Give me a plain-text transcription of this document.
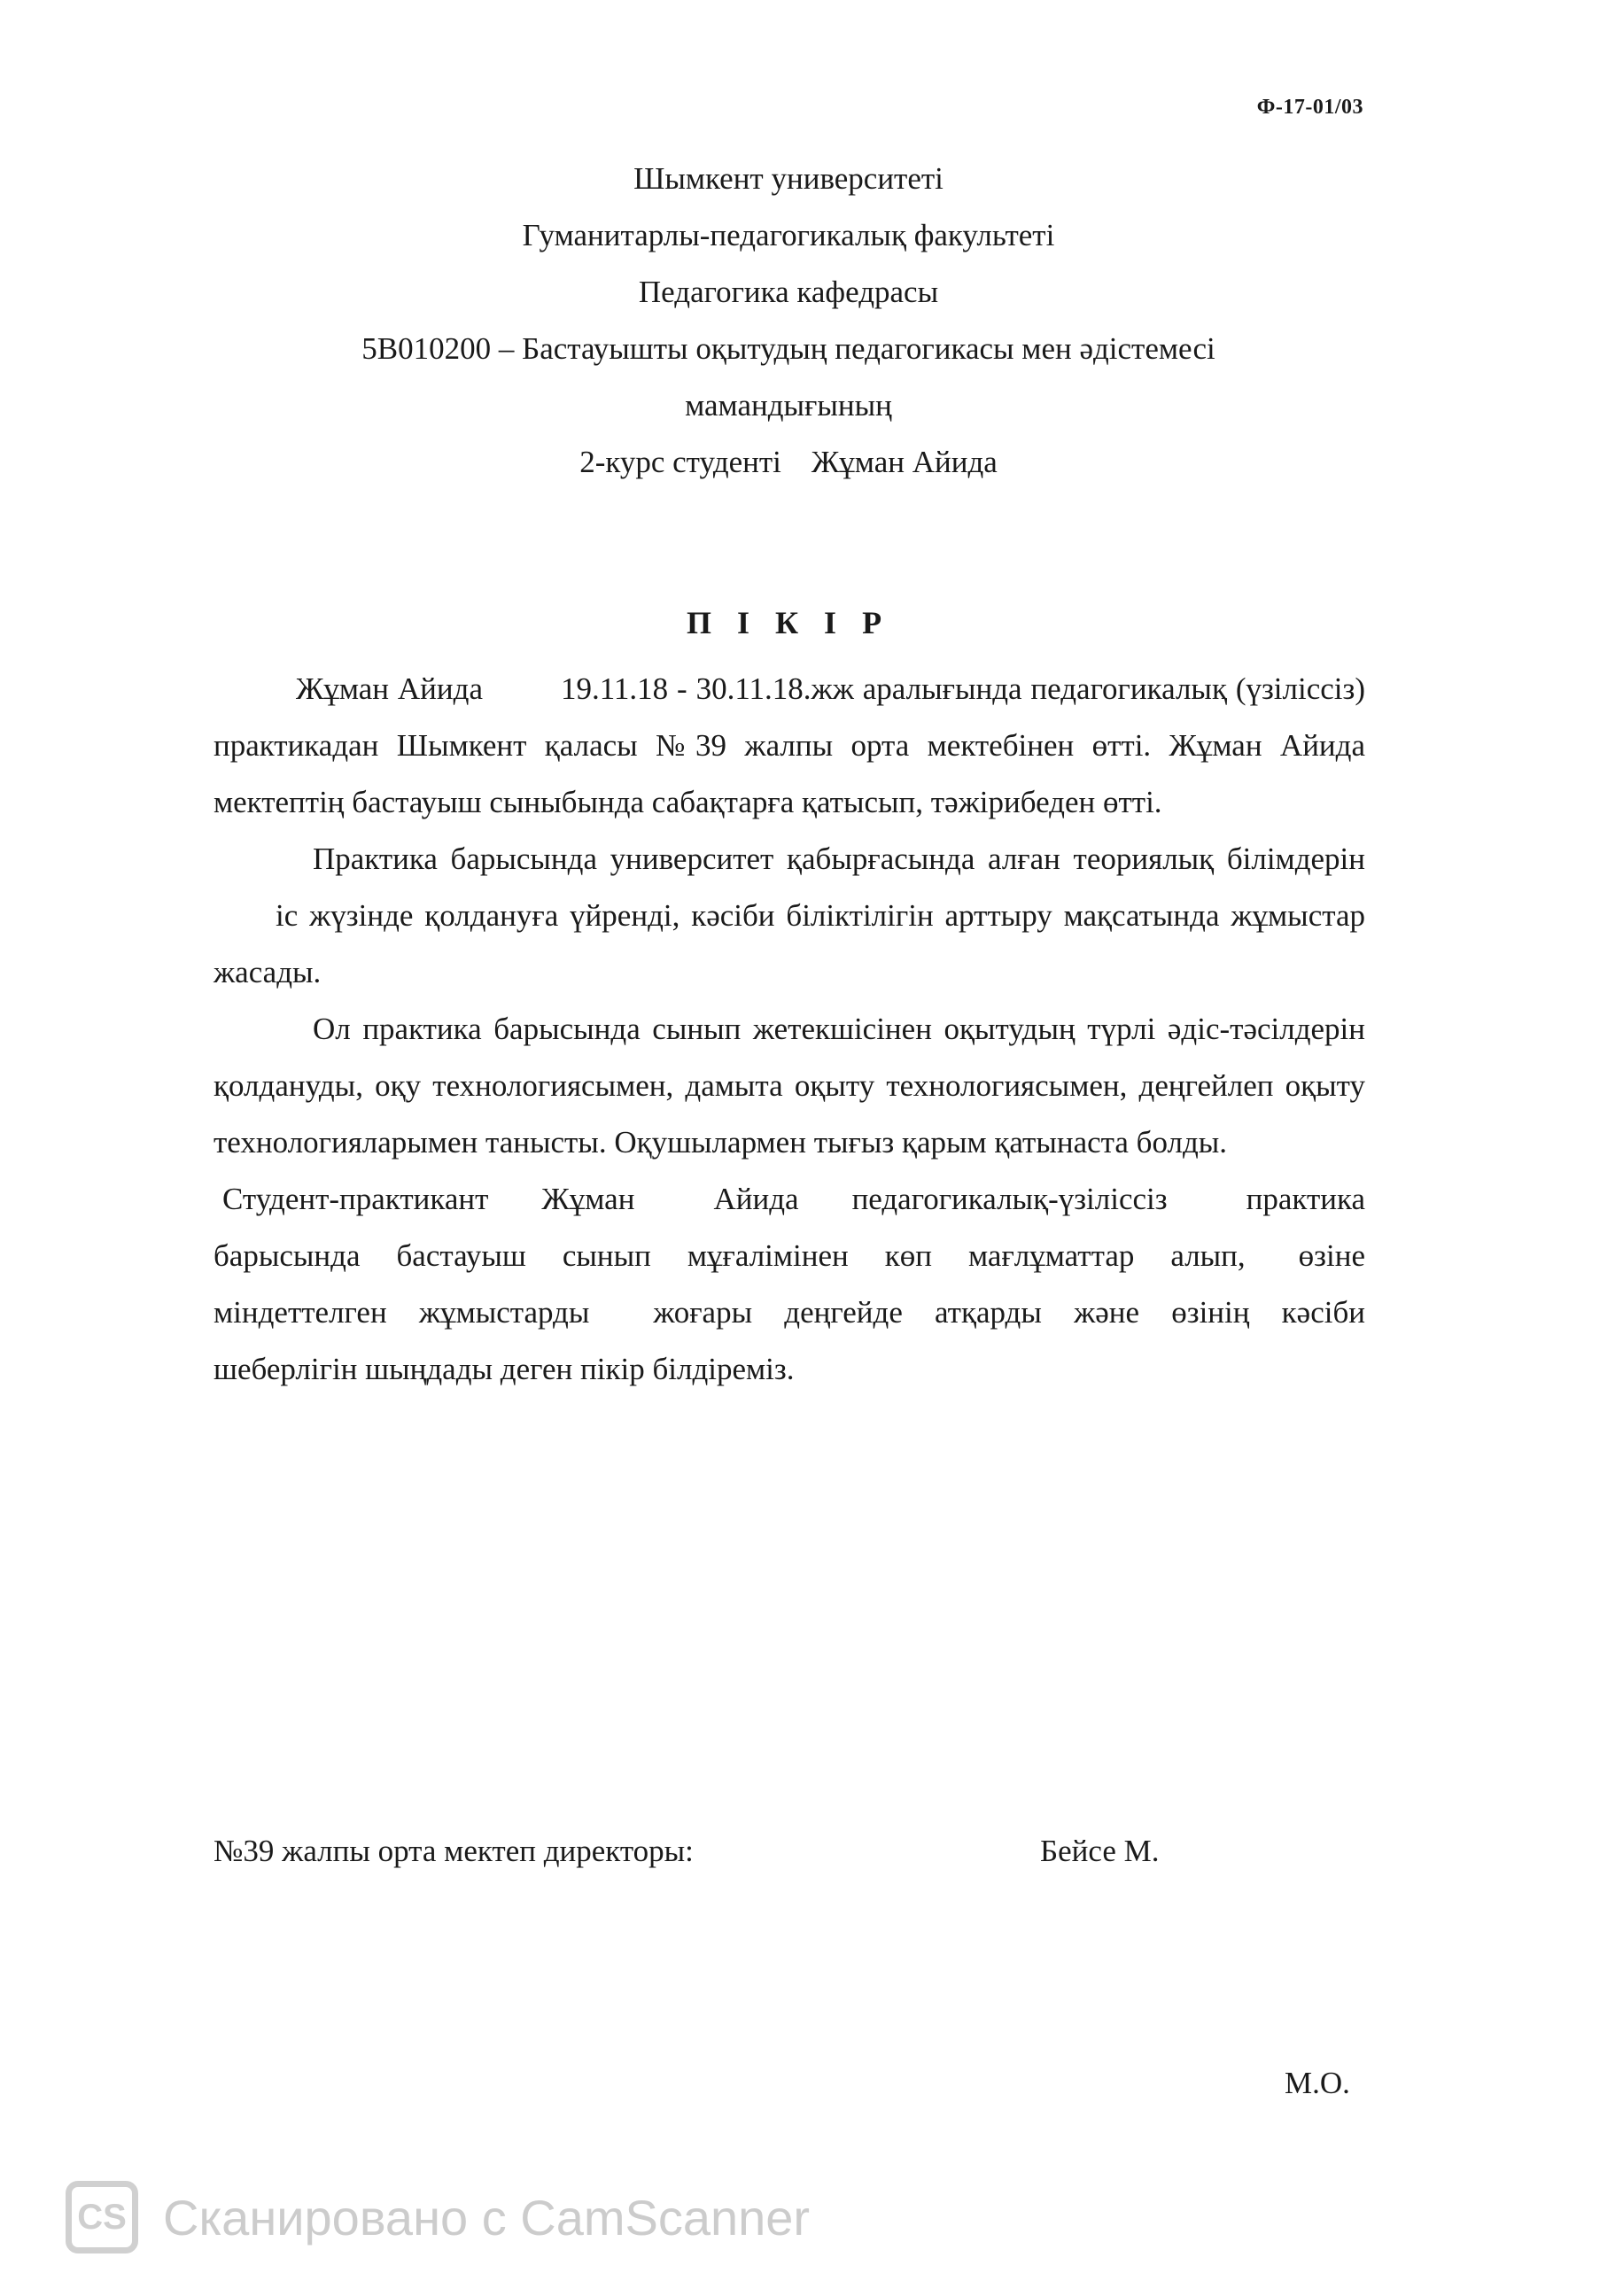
Ф-17-01/03
Шымкент университеті
Гуманитарлы-педагогикалық факультеті
Педагогика кафедрасы
5В010200 – Бастауышты оқытудың педагогикасы мен әдістемесі
мамандығының
2-курс студенті Жұман Айида
П І К І Р

Жұман Айида	19.11.18 - 30.11.18.жж аралығында педагогикалық (үзіліссіз) практикадан Шымкент қаласы №39 жалпы орта мектебінен өтті. Жұман Айида мектептің бастауыш сыныбында сабақтарға қатысып, тәжірибеден өтті.

Практика барысында университет қабырғасында алған теориялық білімдерініс жүзінде қолдануға үйренді, кәсіби біліктілігін арттыру мақсатында жұмыстар жасады.

Ол практика барысында сынып жетекшісінен оқытудың түрлі әдіс-тәсілдерін қолдануды, оқу технологиясымен, дамыта оқыту технологиясымен, деңгейлеп оқыту технологияларымен танысты. Оқушылармен тығыз қарым қатынаста болды.

Студент-практикант Жұман Айида педагогикалық-үзіліссіз практика барысында бастауыш сынып мұғалімінен көп мағлұматтар алып, өзіне міндеттелген жұмыстарды жоғары деңгейде атқарды және өзінің кәсіби шеберлігін шыңдады деген пікір білдіреміз.

№39 жалпы орта мектеп директоры:	Бейсе М.
М.О.
CS Сканировано с CamScanner
